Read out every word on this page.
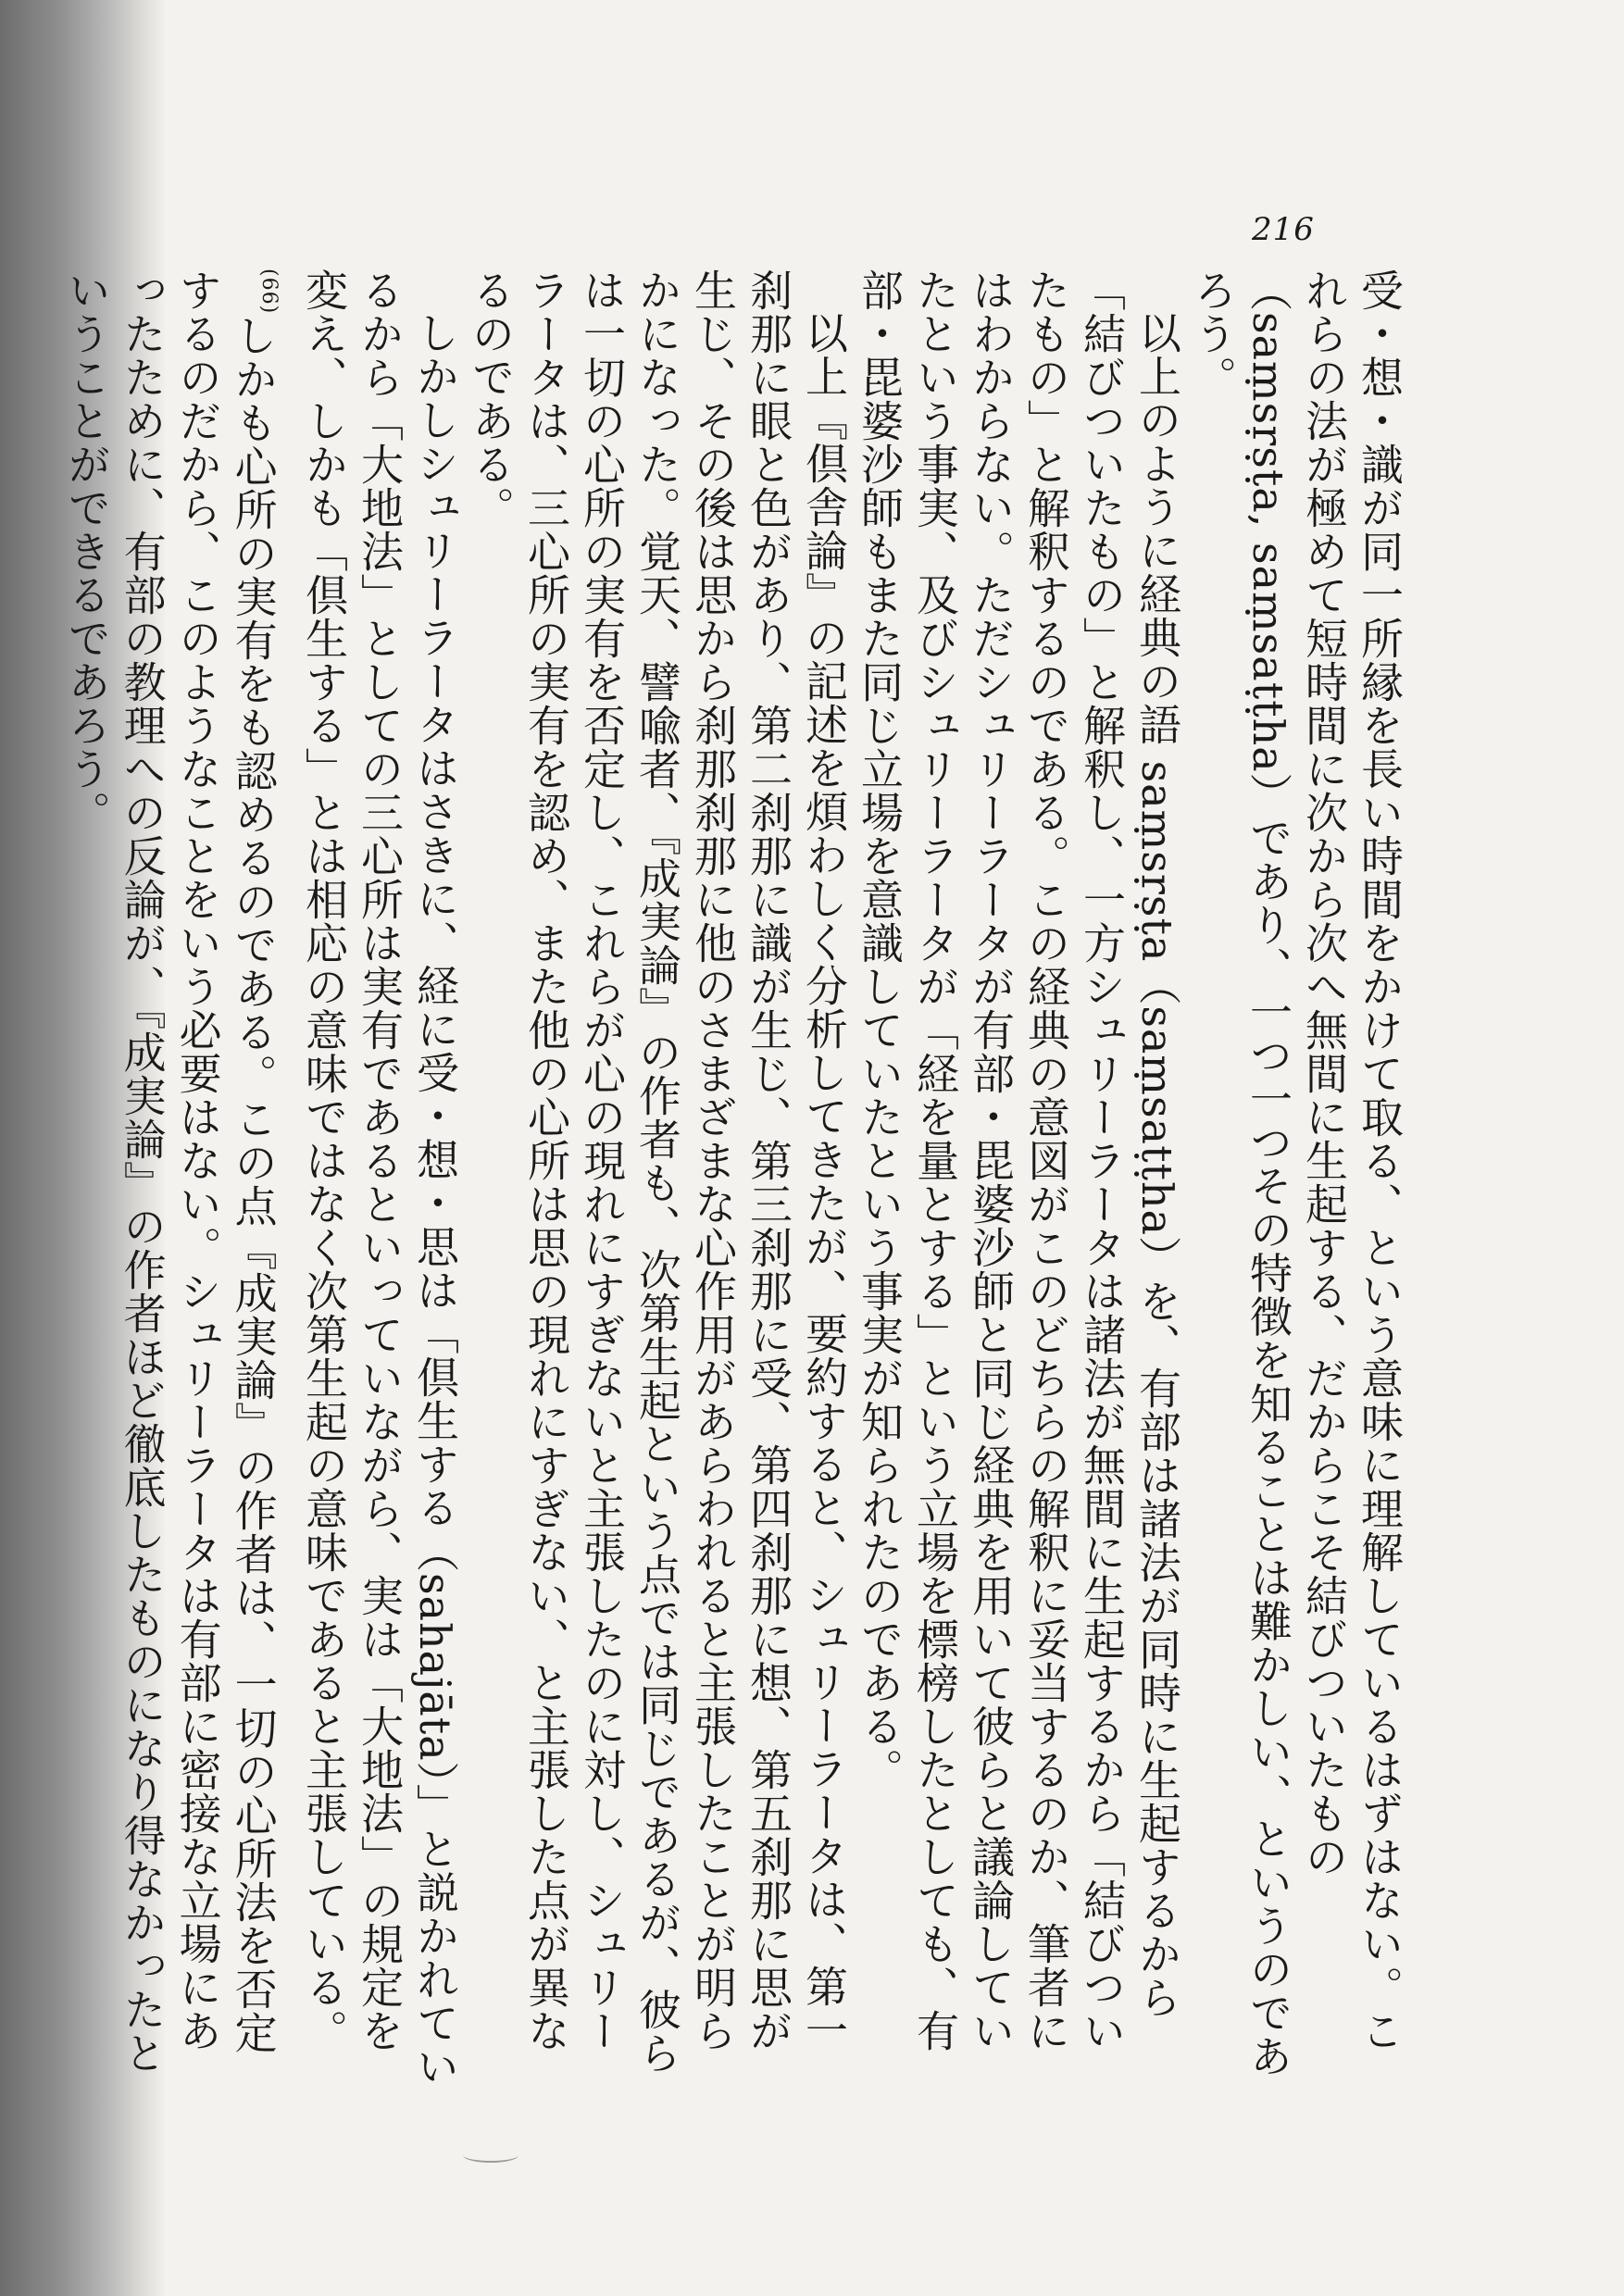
216

受・想・識が同一所縁を長い時間をかけて取る、という意味に理解しているはずはない。これらの法が極めて短時間に次から次へ無間に生起する、だからこそ結びついたもの（saṃsṛṣṭa, saṃsaṭṭha）であり、一つ一つその特徴を知ることは難かしい、というのであろう。

以上のように経典の語 saṃsṛṣṭa（saṃsaṭṭha）を、有部は諸法が同時に生起するから「結びついたもの」と解釈し、一方シュリーラータは諸法が無間に生起するから「結びついたもの」と解釈するのである。この経典の意図がこのどちらの解釈に妥当するのか、筆者にはわからない。ただシュリーラータが有部・毘婆沙師と同じ経典を用いて彼らと議論していたという事実、及びシュリーラータが「経を量とする」という立場を標榜したとしても、有部・毘婆沙師もまた同じ立場を意識していたという事実が知られたのである。

以上『倶舎論』の記述を煩わしく分析してきたが、要約すると、シュリーラータは、第一刹那に眼と色があり、第二刹那に識が生じ、第三刹那に受、第四刹那に想、第五刹那に思が生じ、その後は思から刹那刹那に他のさまざまな心作用があらわれると主張したことが明らかになった。覚天、譬喩者、『成実論』の作者も、次第生起という点では同じであるが、彼らは一切の心所の実有を否定し、これらが心の現れにすぎないと主張したのに対し、シュリーラータは、三心所の実有を認め、また他の心所は思の現れにすぎない、と主張した点が異なるのである。

しかしシュリーラータはさきに、経に受・想・思は「倶生する（sahajāta）」と説かれているから「大地法」としての三心所は実有であるといっていながら、実は「大地法」の規定を変え、しかも「倶生する」とは相応の意味ではなく次第生起の意味であると主張している。$^{(66)}$しかも心所の実有をも認めるのである。この点『成実論』の作者は、一切の心所法を否定するのだから、このようなことをいう必要はない。シュリーラータは有部に密接な立場にあったために、有部の教理への反論が、『成実論』の作者ほど徹底したものになり得なかったということができるであろう。
